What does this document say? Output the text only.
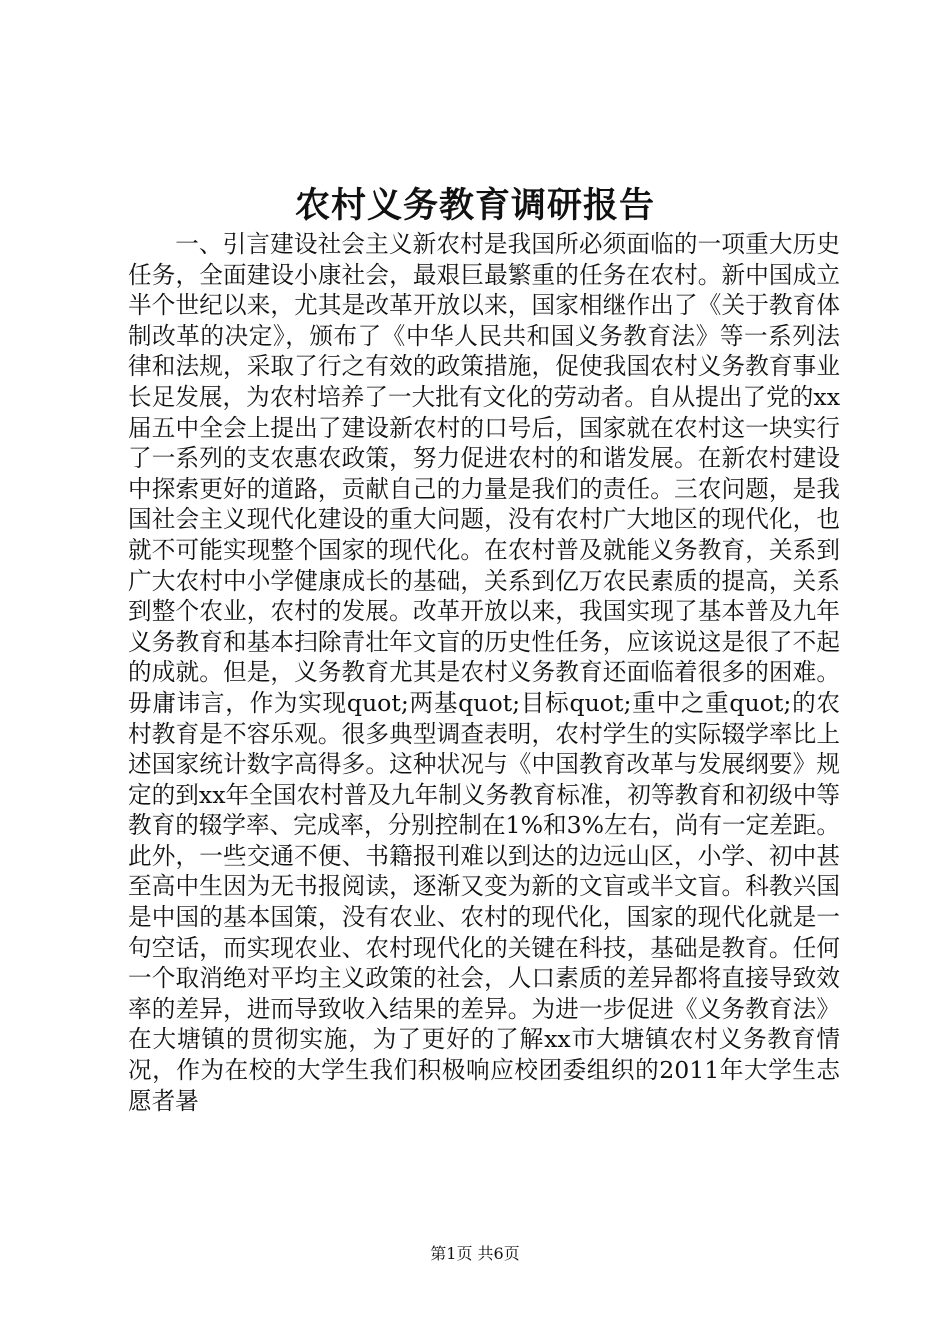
农村义务教育调研报告

一、引言建设社会主义新农村是我国所必须面临的一项重大历史任务，全面建设小康社会，最艰巨最繁重的任务在农村。新中国成立半个世纪以来，尤其是改革开放以来，国家相继作出了《关于教育体制改革的决定》，颁布了《中华人民共和国义务教育法》等一系列法律和法规，采取了行之有效的政策措施，促使我国农村义务教育事业长足发展，为农村培养了一大批有文化的劳动者。自从提出了党的xx届五中全会上提出了建设新农村的口号后，国家就在农村这一块实行了一系列的支农惠农政策，努力促进农村的和谐发展。在新农村建设中探索更好的道路，贡献自己的力量是我们的责任。三农问题，是我国社会主义现代化建设的重大问题，没有农村广大地区的现代化，也就不可能实现整个国家的现代化。在农村普及就能义务教育，关系到广大农村中小学健康成长的基础，关系到亿万农民素质的提高，关系到整个农业，农村的发展。改革开放以来，我国实现了基本普及九年义务教育和基本扫除青壮年文盲的历史性任务，应该说这是很了不起的成就。但是，义务教育尤其是农村义务教育还面临着很多的困难。毋庸讳言，作为实现quot;两基quot;目标quot;重中之重quot;的农村教育是不容乐观。很多典型调查表明，农村学生的实际辍学率比上述国家统计数字高得多。这种状况与《中国教育改革与发展纲要》规定的到xx年全国农村普及九年制义务教育标准，初等教育和初级中等教育的辍学率、完成率，分别控制在1%和3%左右，尚有一定差距。此外，一些交通不便、书籍报刊难以到达的边远山区，小学、初中甚至高中生因为无书报阅读，逐渐又变为新的文盲或半文盲。科教兴国是中国的基本国策，没有农业、农村的现代化，国家的现代化就是一句空话，而实现农业、农村现代化的关键在科技，基础是教育。任何一个取消绝对平均主义政策的社会，人口素质的差异都将直接导致效率的差异，进而导致收入结果的差异。为进一步促进《义务教育法》在大塘镇的贯彻实施，为了更好的了解xx市大塘镇农村义务教育情况，作为在校的大学生我们积极响应校团委组织的2011年大学生志愿者暑

第1页 共6页
